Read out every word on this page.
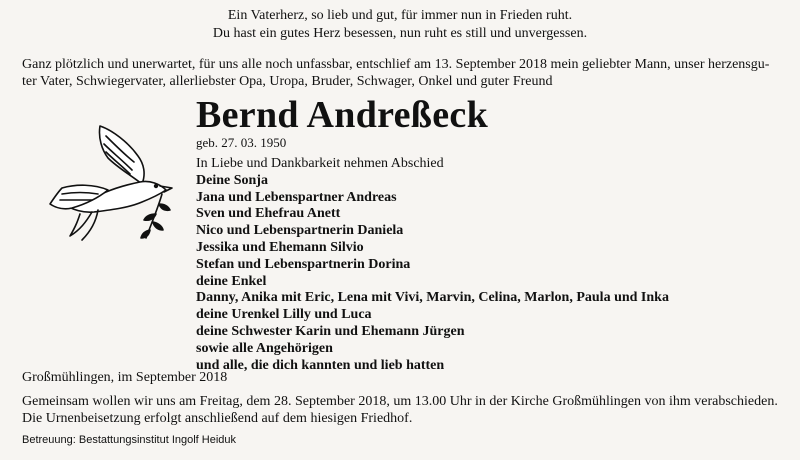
Ein Vaterherz, so lieb und gut, für immer nun in Frieden ruht.
Du hast ein gutes Herz besessen, nun ruht es still und unvergessen.
Ganz plötzlich und unerwartet, für uns alle noch unfassbar, entschlief am 13. September 2018 mein geliebter Mann, unser herzensgu-
ter Vater, Schwiegervater, allerliebster Opa, Uropa, Bruder, Schwager, Onkel und guter Freund
Bernd Andreßeck
geb. 27. 03. 1950
In Liebe und Dankbarkeit nehmen Abschied
Deine Sonja
Jana und Lebenspartner Andreas
Sven und Ehefrau Anett
Nico und Lebenspartnerin Daniela
Jessika und Ehemann Silvio
Stefan und Lebenspartnerin Dorina
deine Enkel
Danny, Anika mit Eric, Lena mit Vivi, Marvin, Celina, Marlon, Paula und Inka
deine Urenkel Lilly und Luca
deine Schwester Karin und Ehemann Jürgen
sowie alle Angehörigen
und alle, die dich kannten und lieb hatten
Großmühlingen, im September 2018
Gemeinsam wollen wir uns am Freitag, dem 28. September 2018, um 13.00 Uhr in der Kirche Großmühlingen von ihm verabschieden.
Die Urnenbeisetzung erfolgt anschließend auf dem hiesigen Friedhof.
Betreuung: Bestattungsinstitut Ingolf Heiduk
